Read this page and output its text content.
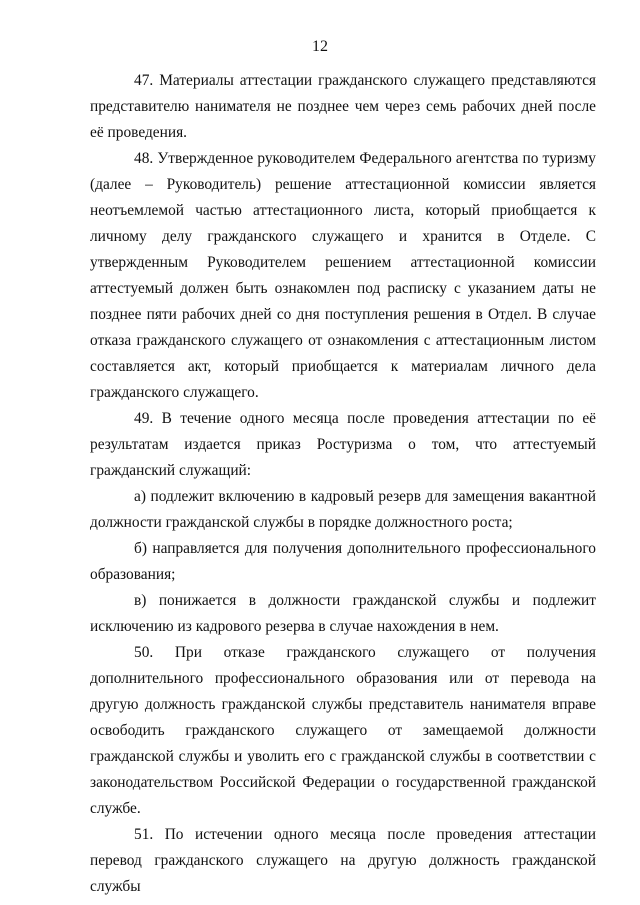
12

47. Материалы аттестации гражданского служащего представляются представителю нанимателя не позднее чем через семь рабочих дней после её проведения.

48. Утвержденное руководителем Федерального агентства по туризму (далее – Руководитель) решение аттестационной комиссии является неотъемлемой частью аттестационного листа, который приобщается к личному делу гражданского служащего и хранится в Отделе. С утвержденным Руководителем решением аттестационной комиссии аттестуемый должен быть ознакомлен под расписку с указанием даты не позднее пяти рабочих дней со дня поступления решения в Отдел. В случае отказа гражданского служащего от ознакомления с аттестационным листом составляется акт, который приобщается к материалам личного дела гражданского служащего.

49. В течение одного месяца после проведения аттестации по её результатам издается приказ Ростуризма о том, что аттестуемый гражданский служащий:

а) подлежит включению в кадровый резерв для замещения вакантной должности гражданской службы в порядке должностного роста;

б) направляется для получения дополнительного профессионального образования;

в) понижается в должности гражданской службы и подлежит исключению из кадрового резерва в случае нахождения в нем.

50. При отказе гражданского служащего от получения дополнительного профессионального образования или от перевода на другую должность гражданской службы представитель нанимателя вправе освободить гражданского служащего от замещаемой должности гражданской службы и уволить его с гражданской службы в соответствии с законодательством Российской Федерации о государственной гражданской службе.

51. По истечении одного месяца после проведения аттестации перевод гражданского служащего на другую должность гражданской службы
